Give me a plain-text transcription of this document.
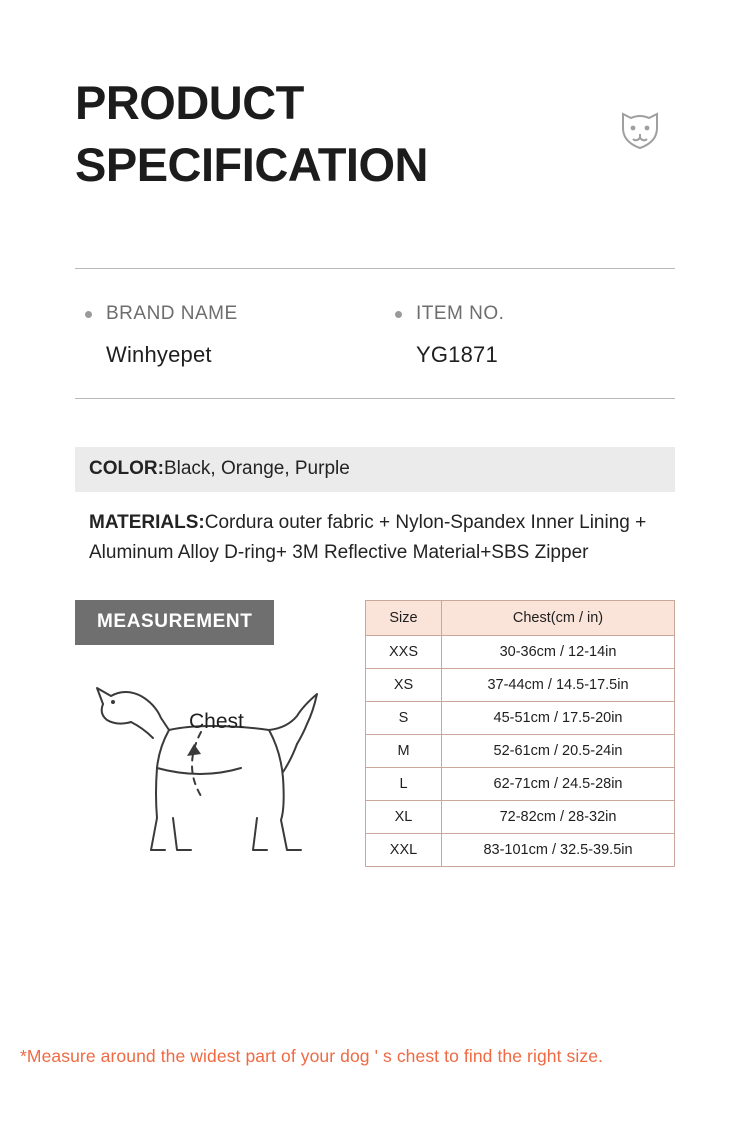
PRODUCT
SPECIFICATION
BRAND NAME
Winhyepet
ITEM NO.
YG1871
COLOR:Black, Orange, Purple
MATERIALS:Cordura outer fabric + Nylon-Spandex Inner Lining + Aluminum Alloy D-ring+ 3M Reflective Material+SBS Zipper
MEASUREMENT
Chest
Size	Chest(cm / in)
XXS	30-36cm / 12-14in
XS	37-44cm / 14.5-17.5in
S	45-51cm / 17.5-20in
M	52-61cm / 20.5-24in
L	62-71cm / 24.5-28in
XL	72-82cm / 28-32in
XXL	83-101cm / 32.5-39.5in
*Measure around the widest part of your dog ' s chest to find the right size.
